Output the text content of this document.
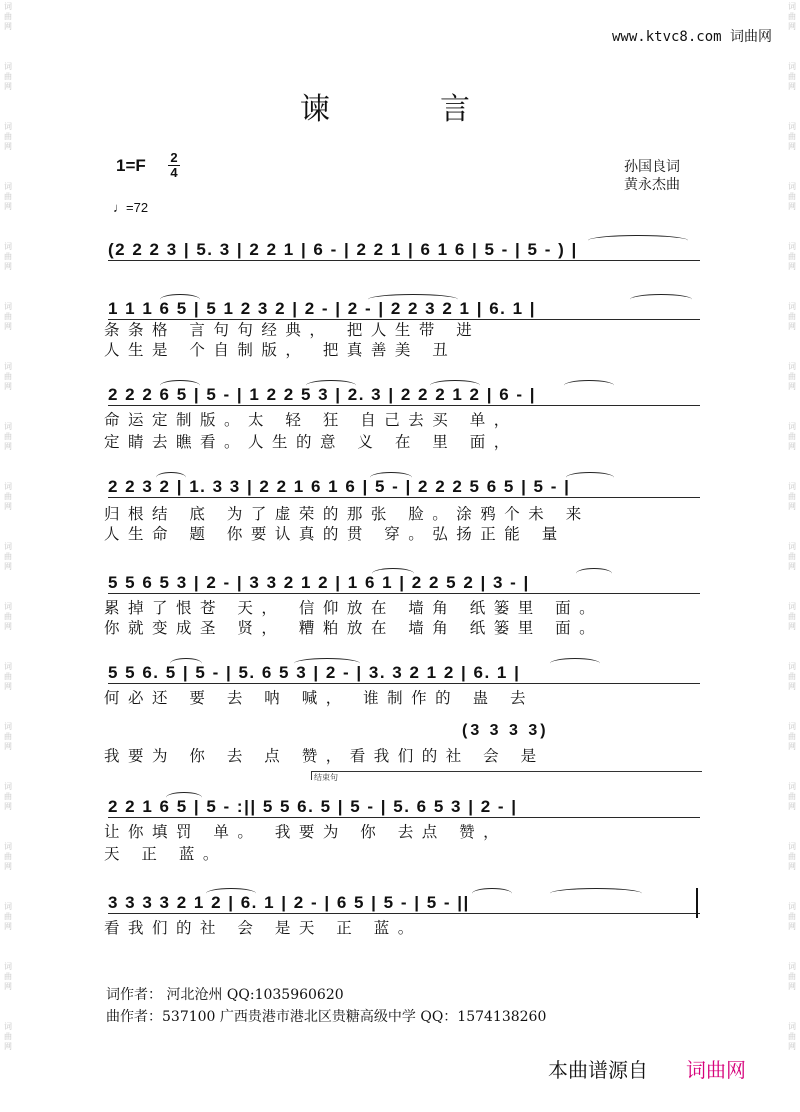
词曲网
词曲网
词曲网
词曲网
词曲网
词曲网
词曲网
词曲网
词曲网
词曲网
词曲网
词曲网
词曲网
词曲网
词曲网
词曲网
词曲网
词曲网
词曲网
词曲网
词曲网
词曲网
词曲网
词曲网
词曲网
词曲网
词曲网
词曲网
词曲网
词曲网
词曲网
词曲网
词曲网
词曲网
词曲网
词曲网
www.ktvc8.com 词曲网
谏言
1=F 2
4	孙国良词
黄永杰曲
♩=72
(2 2 2 3 | 5. 3 | 2 2 1 | 6 - | 2 2 1 | 6 1 6 | 5 - | 5 - ) |
1 1 1 6 5 | 5 1 2 3 2 | 2 - | 2 - | 2 2 3 2 1 | 6. 1 |
条条格 言句句经典， 把人生带 进
人生是 个自制版， 把真善美 丑
2 2 2 6 5 | 5 - | 1 2 2 5 3 | 2. 3 | 2 2 2 1 2 | 6 - |
命运定制版。太 轻 狂 自己去买 单，
定睛去瞧看。人生的意 义 在 里 面，
2 2 3 2 | 1. 3 3 | 2 2 1 6 1 6 | 5 - | 2 2 2 5 6 5 | 5 - |
归根结 底 为了虚荣的那张 脸。涂鸦个未 来
人生命 题 你要认真的贯 穿。弘扬正能 量
5 5 6 5 3 | 2 - | 3 3 2 1 2 | 1 6 1 | 2 2 5 2 | 3 - |
累掉了恨苍 天， 信仰放在 墙角 纸篓里 面。
你就变成圣 贤， 糟粕放在 墙角 纸篓里 面。
5 5 6. 5 | 5 - | 5. 6 5 3 | 2 - | 3. 3 2 1 2 | 6. 1 |
何必还 要 去 呐 喊， 谁制作的 蛊 去
(3 3 3 3)
我要为 你 去 点 赞，看我们的社 会 是
结束句
2 2 1 6 5 | 5 - :|| 5 5 6. 5 | 5 - | 5. 6 5 3 | 2 - |
让你填罚 单。 我要为 你 去点 赞，
天 正 蓝。
3 3 3 3 2 1 2 | 6. 1 | 2 - | 6 5 | 5 - | 5 - ||
看我们的社 会 是天 正 蓝。
词作者： 河北沧州 QQ:1035960620
曲作者：537100 广西贵港市港北区贵糖高级中学 QQ：1574138260
本曲谱源自 词曲网
